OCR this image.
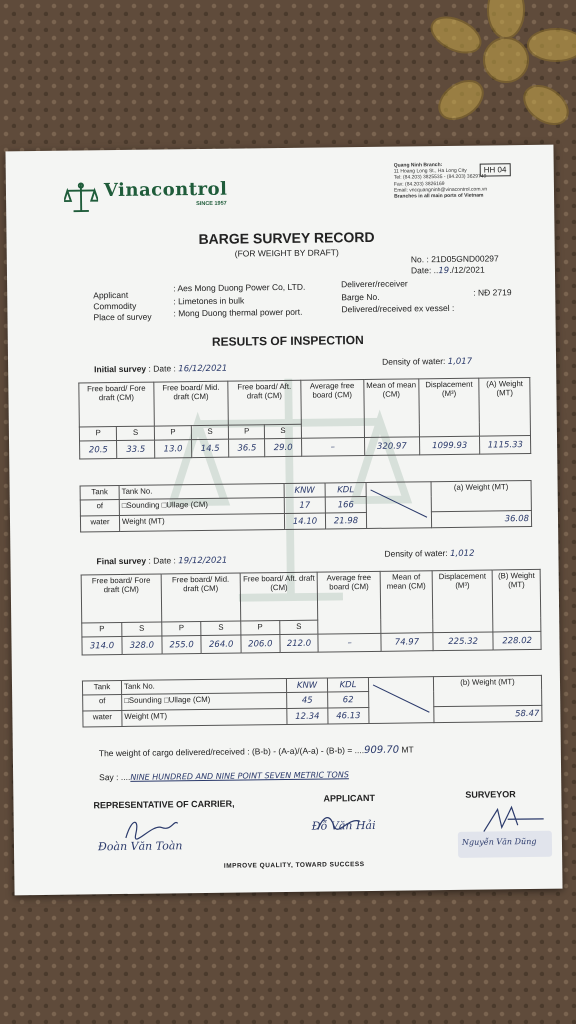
Vinacontrol
SINCE 1957
Quang Ninh Branch:
11 Hoang Long St., Ha Long City
Tel: (84.203) 3825535 - (84.203) 3629749
Fax: (84.203) 3826169
Email: vncquangninh@vinacontrol.com.vn
Branches in all main ports of Vietnam
HH 04
BARGE SURVEY RECORD
(FOR WEIGHT BY DRAFT)
No. : 21D05GND00297
Date: ..19./12/2021
Applicant
: Aes Mong Duong Power Co, LTD.
Commodity	: Limetones in bulk
Place of survey	: Mong Duong thermal power port.
Deliverer/receiver
Barge No.	: NĐ 2719
Delivered/received ex vessel :
RESULTS OF INSPECTION
Initial survey : Date : 16/12/2021
Density of water: 1,017
Free board/ Fore draft (CM)		Free board/ Mid. draft (CM)		Free board/ Aft. draft (CM)		Average free board (CM)	Mean of mean (CM)	Displacement (M³)	(A) Weight (MT)
P	S	P	S	P	S				
20.5	33.5	13.0	14.5	36.5	29.0	–	320.97	1099.93	1115.33
Tank	Tank No.	KNW	KDL		(a) Weight (MT)
of	□Sounding □Ullage (CM)	17	166		
water	Weight (MT)	14.10	21.98		36.08
Final survey : Date : 19/12/2021
Density of water: 1,012
Free board/ Fore draft (CM)		Free board/ Mid. draft (CM)		Free board/ Aft. draft (CM)		Average free board (CM)	Mean of mean (CM)	Displacement (M³)	(B) Weight (MT)
P	S	P	S	P	S				
314.0	328.0	255.0	264.0	206.0	212.0	–	74.97	225.32	228.02
Tank	Tank No.	KNW	KDL		(b) Weight (MT)
of	□Sounding □Ullage (CM)	45	62		
water	Weight (MT)	12.34	46.13		58.47
The weight of cargo delivered/received : (B-b) - (A-a)/(A-a) - (B-b) = ....909.70 MT
Say : ....NINE HUNDRED AND NINE POINT SEVEN METRIC TONS
REPRESENTATIVE OF CARRIER,
APPLICANT	SURVEYOR
Đoàn Văn Toàn
Đỗ Văn Hải
Nguyễn Văn Dũng
IMPROVE QUALITY, TOWARD SUCCESS
